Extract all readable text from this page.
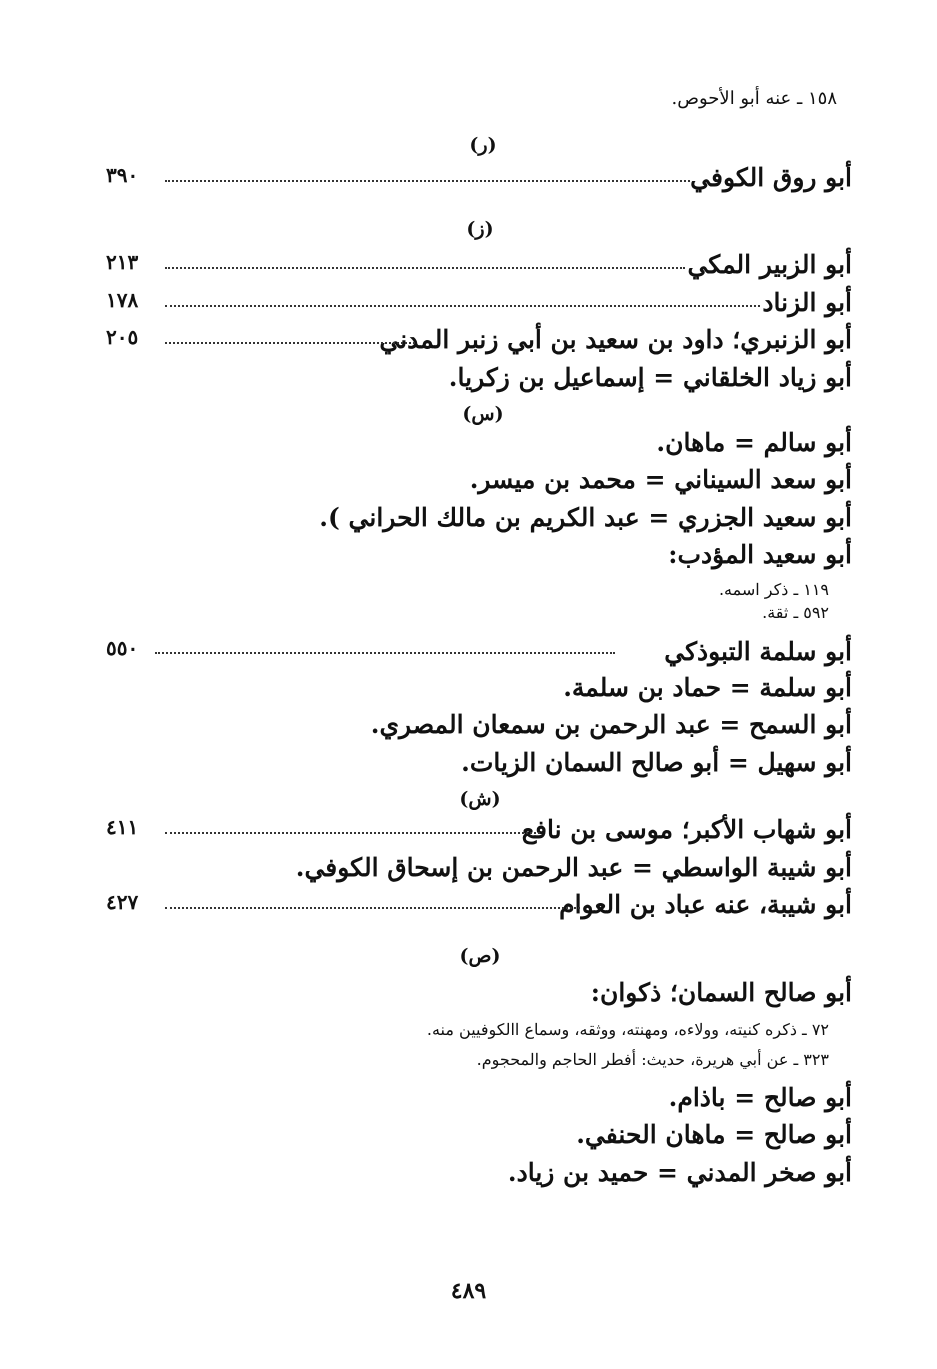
١٥٨ ـ عنه أبو الأحوص.
(ر)
أبو روق الكوفي
٣٩٠
(ز)
أبو الزبير المكي
٢١٣
أبو الزناد
١٧٨
أبو الزنبري؛ داود بن سعيد بن أبي زنبر المدني
٢٠٥
أبو زياد الخلقاني = إسماعيل بن زكريا.
(س)
أبو سالم = ماهان.
أبو سعد السيناني = محمد بن ميسر.
أبو سعيد الجزري = عبد الكريم بن مالك الحراني ).
أبو سعيد المؤدب:
١١٩ ـ ذكر اسمه.
٥٩٢ ـ ثقة.
أبو سلمة التبوذكي
٥٥٠
أبو سلمة = حماد بن سلمة.
أبو السمح = عبد الرحمن بن سمعان المصري.
أبو سهيل = أبو صالح السمان الزيات.
(ش)
أبو شهاب الأكبر؛ موسى بن نافع
٤١١
أبو شيبة الواسطي = عبد الرحمن بن إسحاق الكوفي.
أبو شيبة، عنه عباد بن العوام
٤٢٧
(ص)
أبو صالح السمان؛ ذكوان:
٧٢ ـ ذكره كنيته، وولاءه، ومهنته، ووثقه، وسماع االكوفيين منه.
٣٢٣ ـ عن أبي هريرة، حديث: أفطر الحاجم والمحجوم.
أبو صالح = باذام.
أبو صالح = ماهان الحنفي.
أبو صخر المدني = حميد بن زياد.
٤٨٩
